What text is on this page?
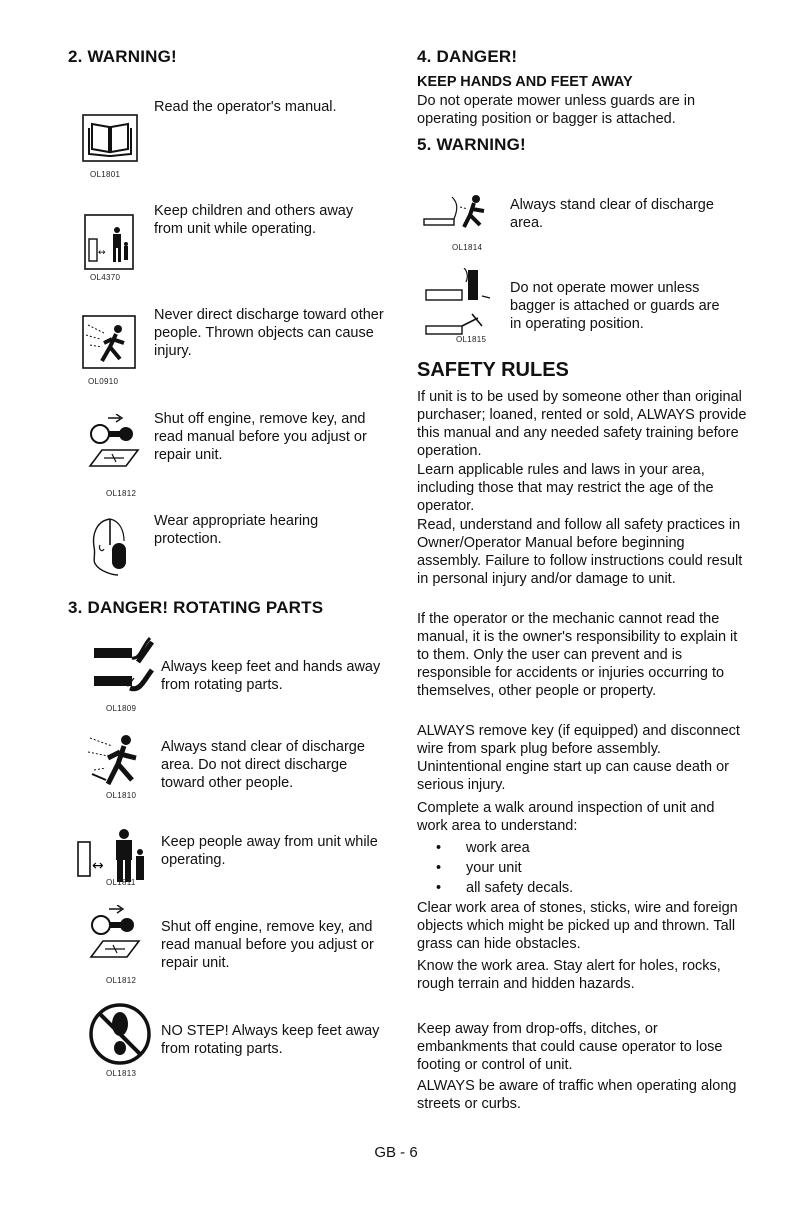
2. WARNING!

Read the operator's manual.

OL1801
↔

Keep children and others away from unit while operating.

OL4370

Never direct discharge toward other people. Thrown objects can cause injury.

OL0910

Shut off engine, remove key, and read manual before you adjust or repair unit.

OL1812

Wear appropriate hearing protection.

3. DANGER! ROTATING PARTS

Always keep feet and hands away from rotating parts.

OL1809

Always stand clear of discharge area. Do not direct discharge toward other people.

OL1810
↔

Keep people away from unit while operating.

OL1811

Shut off engine, remove key, and read manual before you adjust or repair unit.

OL1812

NO STEP! Always keep feet away from rotating parts.

OL1813
4. DANGER!
KEEP HANDS AND FEET AWAY

Do not operate mower unless guards are in operating position or bagger is attached.

5. WARNING!

Always stand clear of discharge area.

OL1814
OL1815

Do not operate mower unless bagger is attached or guards are in operating position.

SAFETY RULES

If unit is to be used by someone other than original purchaser; loaned, rented or sold, ALWAYS provide this manual and any needed safety training before operation.

Learn applicable rules and laws in your area, including those that may restrict the age of the operator.

Read, understand and follow all safety practices in Owner/Operator Manual before beginning assembly. Failure to follow instructions could result in personal injury and/or damage to unit.

If the operator or the mechanic cannot read the manual, it is the owner's responsibility to explain it to them. Only the user can prevent and is responsible for accidents or injuries occurring to themselves, other people or property.

ALWAYS remove key (if equipped) and disconnect wire from spark plug before assembly. Unintentional engine start up can cause death or serious injury.

Complete a walk around inspection of unit and work area to understand:

• work area
• your unit
• all safety decals.

Clear work area of stones, sticks, wire and foreign objects which might be picked up and thrown. Tall grass can hide obstacles.

Know the work area. Stay alert for holes, rocks, rough terrain and hidden hazards.

Keep away from drop-offs, ditches, or embankments that could cause operator to lose footing or control of unit.

ALWAYS be aware of traffic when operating along streets or curbs.

GB - 6
